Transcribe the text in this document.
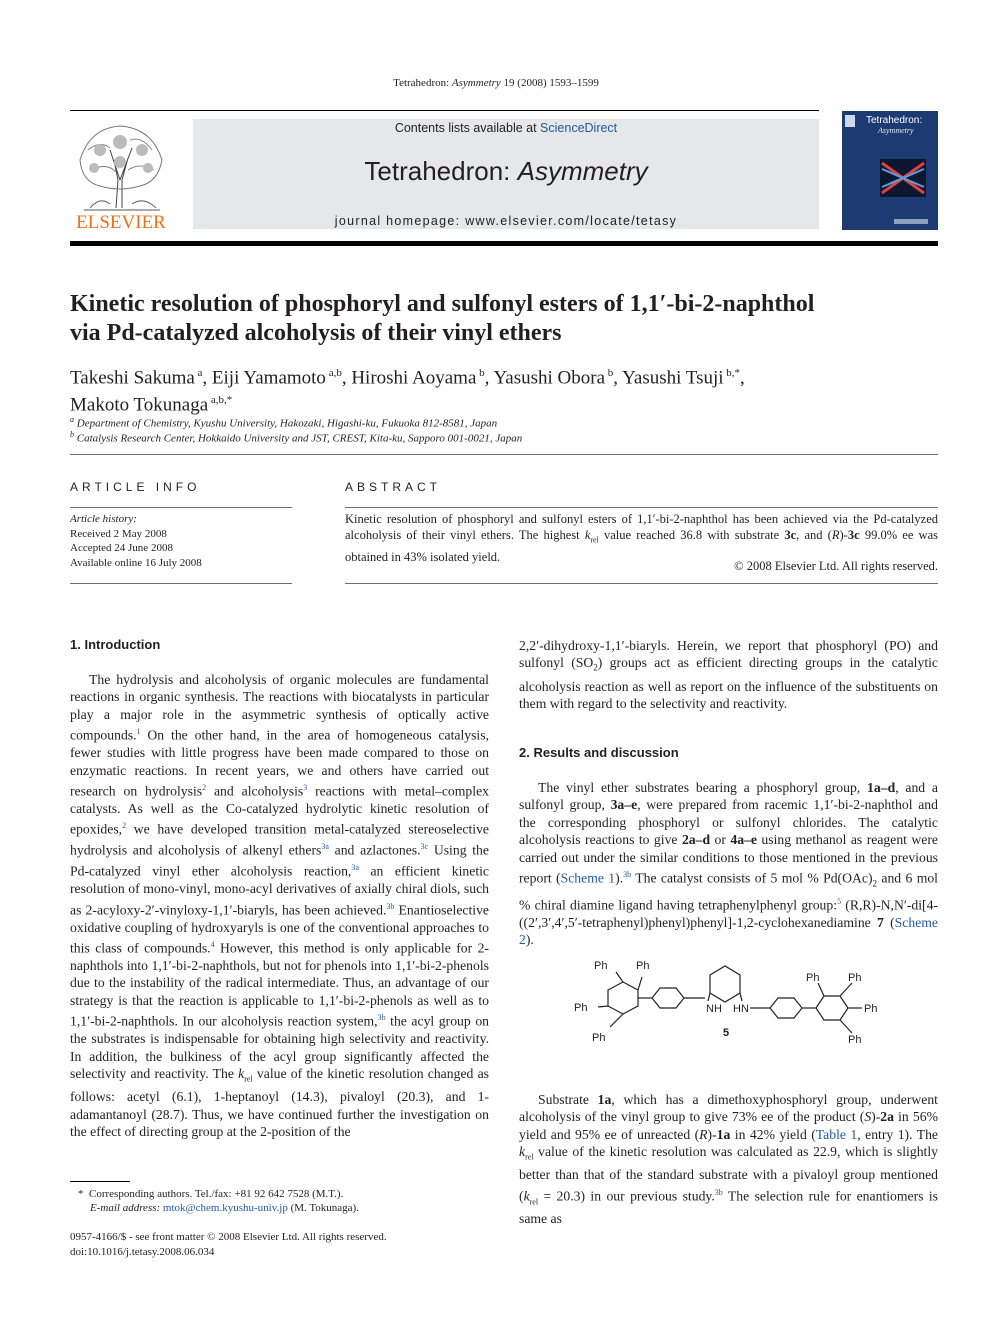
Tetrahedron: Asymmetry 19 (2008) 1593–1599
ELSEVIER
Contents lists available at ScienceDirect
Tetrahedron: Asymmetry
journal homepage: www.elsevier.com/locate/tetasy
Tetrahedron:
Asymmetry
Kinetic resolution of phosphoryl and sulfonyl esters of 1,1′-bi-2-naphthol
via Pd-catalyzed alcoholysis of their vinyl ethers
Takeshi Sakuma $^a$, Eiji Yamamoto $^{a,b}$, Hiroshi Aoyama $^b$, Yasushi Obora $^b$, Yasushi Tsuji $^{b,*}$,
Makoto Tokunaga $^{a,b,*}$
$^a$ Department of Chemistry, Kyushu University, Hakozaki, Higashi-ku, Fukuoka 812-8581, Japan
$^b$ Catalysis Research Center, Hokkaido University and JST, CREST, Kita-ku, Sapporo 001-0021, Japan
ARTICLE INFO
Article history:
Received 2 May 2008
Accepted 24 June 2008
Available online 16 July 2008
ABSTRACT
Kinetic resolution of phosphoryl and sulfonyl esters of 1,1′-bi-2-naphthol has been achieved via the Pd-catalyzed alcoholysis of their vinyl ethers. The highest $k_{rel}$ value reached 36.8 with substrate 3c, and (R)-3c 99.0% ee was obtained in 43% isolated yield.
© 2008 Elsevier Ltd. All rights reserved.
1. Introduction

The hydrolysis and alcoholysis of organic molecules are fundamental reactions in organic synthesis. The reactions with biocatalysts in particular play a major role in the asymmetric synthesis of optically active compounds.$^1$ On the other hand, in the area of homogeneous catalysis, fewer studies with little progress have been made compared to those on enzymatic reactions. In recent years, we and others have carried out research on hydrolysis$^2$ and alcoholysis$^3$ reactions with metal–complex catalysts. As well as the Co-catalyzed hydrolytic kinetic resolution of epoxides,$^2$ we have developed transition metal-catalyzed stereoselective hydrolysis and alcoholysis of alkenyl ethers$^{3a}$ and azlactones.$^{3c}$ Using the Pd-catalyzed vinyl ether alcoholysis reaction,$^{3a}$ an efficient kinetic resolution of mono-vinyl, mono-acyl derivatives of axially chiral diols, such as 2-acyloxy-2′-vinyloxy-1,1′-biaryls, has been achieved.$^{3b}$ Enantioselective oxidative coupling of hydroxyaryls is one of the conventional approaches to this class of compounds.$^4$ However, this method is only applicable for 2-naphthols into 1,1′-bi-2-naphthols, but not for phenols into 1,1′-bi-2-phenols due to the instability of the radical intermediate. Thus, an advantage of our strategy is that the reaction is applicable to 1,1′-bi-2-phenols as well as to 1,1′-bi-2-naphthols. In our alcoholysis reaction system,$^{3b}$ the acyl group on the substrates is indispensable for obtaining high selectivity and reactivity. In addition, the bulkiness of the acyl group significantly affected the selectivity and reactivity. The $k_{rel}$ value of the kinetic resolution changed as follows: acetyl (6.1), 1-heptanoyl (14.3), pivaloyl (20.3), and 1-adamantanoyl (28.7). Thus, we have continued further the investigation on the effect of directing group at the 2-position of the

* Corresponding authors. Tel./fax: +81 92 642 7528 (M.T.).
E-mail address: mtok@chem.kyushu-univ.jp (M. Tokunaga).
0957-4166/$ - see front matter © 2008 Elsevier Ltd. All rights reserved.
doi:10.1016/j.tetasy.2008.06.034

2,2′-dihydroxy-1,1′-biaryls. Herein, we report that phosphoryl (PO) and sulfonyl $(SO_2)$ groups act as efficient directing groups in the catalytic alcoholysis reaction as well as report on the influence of the substituents on them with regard to the selectivity and reactivity.

2. Results and discussion

The vinyl ether substrates bearing a phosphoryl group, 1a–d, and a sulfonyl group, 3a–e, were prepared from racemic 1,1′-bi-2-naphthol and the corresponding phosphoryl or sulfonyl chlorides. The catalytic alcoholysis reactions to give 2a–d or 4a–e using methanol as reagent were carried out under the similar conditions to those mentioned in the previous report (Scheme 1).$^{3b}$ The catalyst consists of 5 mol % $Pd(OAc)_2$ and 6 mol % chiral diamine ligand having tetraphenylphenyl group:$^5$ (R,R)-N,N′-di[4-((2′,3′,4′,5′-tetraphenyl)phenyl)phenyl]-1,2-cyclohexanediamine 7 (Scheme 2).

Ph	Ph
Ph
Ph
NH HN
Ph	Ph
Ph
Ph
5

Substrate 1a, which has a dimethoxyphosphoryl group, underwent alcoholysis of the vinyl group to give 73% ee of the product (S)-2a in 56% yield and 95% ee of unreacted (R)-1a in 42% yield (Table 1, entry 1). The $k_{rel}$ value of the kinetic resolution was calculated as 22.9, which is slightly better than that of the standard substrate with a pivaloyl group mentioned $(k_{rel} = 20.3)$ in our previous study.$^{3b}$ The selection rule for enantiomers is same as
